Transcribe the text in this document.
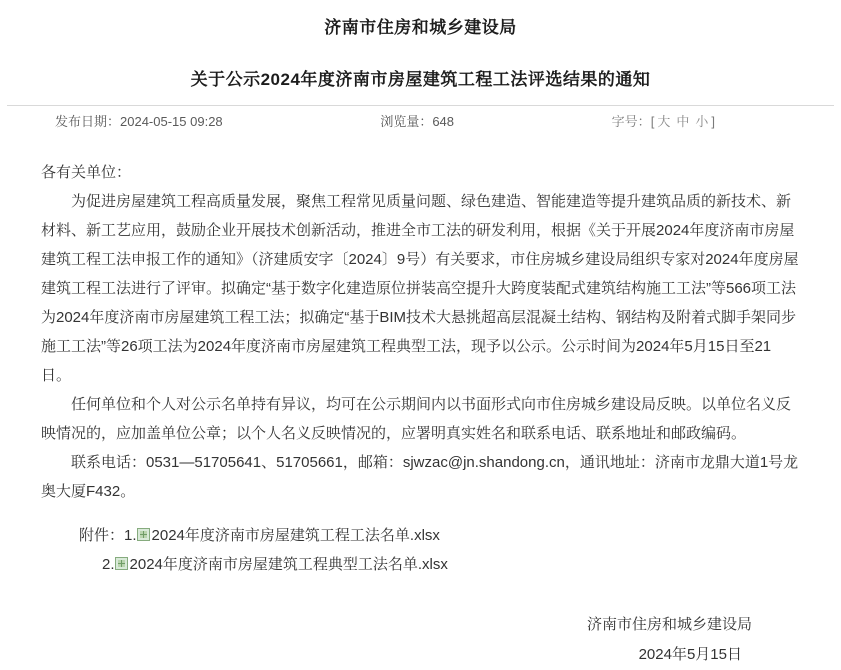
济南市住房和城乡建设局
关于公示2024年度济南市房屋建筑工程工法评选结果的通知
发布日期：2024-05-15 09:28	浏览量：648	字号：[ 大 中 小 ]
各有关单位：

为促进房屋建筑工程高质量发展，聚焦工程常见质量问题、绿色建造、智能建造等提升建筑品质的新技术、新材料、新工艺应用，鼓励企业开展技术创新活动，推进全市工法的研发利用，根据《关于开展2024年度济南市房屋建筑工程工法申报工作的通知》（济建质安字〔2024〕9号）有关要求，市住房城乡建设局组织专家对2024年度房屋建筑工程工法进行了评审。拟确定“基于数字化建造原位拼装高空提升大跨度装配式建筑结构施工工法”等566项工法为2024年度济南市房屋建筑工程工法；拟确定“基于BIM技术大悬挑超高层混凝土结构、钢结构及附着式脚手架同步施工工法”等26项工法为2024年度济南市房屋建筑工程典型工法，现予以公示。公示时间为2024年5月15日至21日。

任何单位和个人对公示名单持有异议，均可在公示期间内以书面形式向市住房城乡建设局反映。以单位名义反映情况的，应加盖单位公章；以个人名义反映情况的，应署明真实姓名和联系电话、联系地址和邮政编码。

联系电话：0531—51705641、51705661，邮箱：sjwzac@jn.shandong.cn，通讯地址：济南市龙鼎大道1号龙奥大厦F432。

附件：1. 2024年度济南市房屋建筑工程工法名单.xlsx
2. 2024年度济南市房屋建筑工程典型工法名单.xlsx
济南市住房和城乡建设局
2024年5月15日
